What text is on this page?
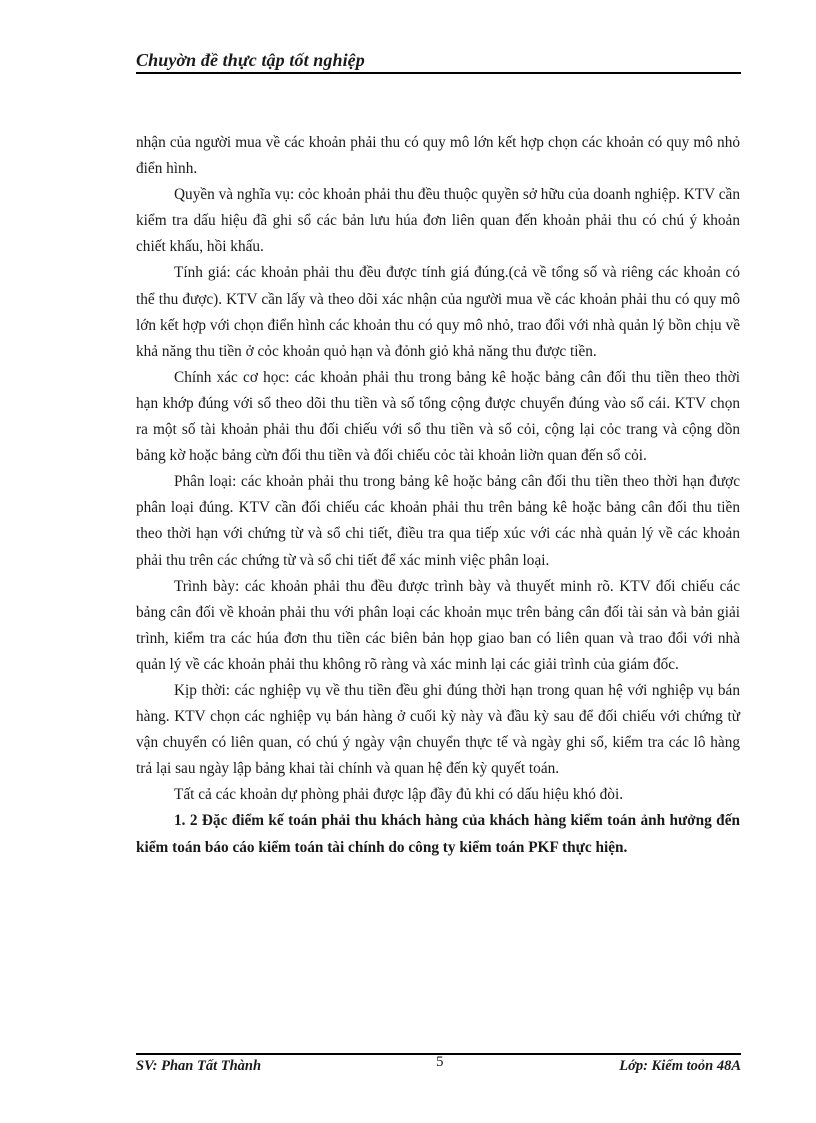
Chuyờn đề thực tập tốt nghiệp

nhận của người mua về các khoản phải thu có quy mô lớn kết hợp chọn các khoản có quy mô nhỏ điển hình.

Quyền và nghĩa vụ: cỏc khoản phải thu đều thuộc quyền sở hữu của doanh nghiệp. KTV cần kiểm tra dấu hiệu đã ghi sổ các bản lưu húa đơn liên quan đến khoản phải thu có chú ý khoản chiết khấu, hồi khấu.

Tính giá: các khoản phải thu đều được tính giá đúng.(cả về tổng số và riêng các khoản có thể thu được). KTV cần lấy và theo dõi xác nhận của người mua về các khoản phải thu có quy mô lớn kết hợp với chọn điển hình các khoản thu có quy mô nhỏ, trao đổi với nhà quản lý bồn chịu về khả năng thu tiền ở cỏc khoản quỏ hạn và đỏnh giỏ khả năng thu được tiền.

Chính xác cơ học: các khoản phải thu trong bảng kê hoặc bảng cân đối thu tiền theo thời hạn khớp đúng với sổ theo dõi thu tiền và số tổng cộng được chuyển đúng vào sổ cái. KTV chọn ra một số tài khoản phải thu đối chiếu với sổ thu tiền và sổ cỏi, cộng lại cỏc trang và cộng dồn bảng kờ hoặc bảng cừn đối thu tiền và đối chiếu cỏc tài khoản liờn quan đến sổ cỏi.

Phân loại: các khoản phải thu trong bảng kê hoặc bảng cân đối thu tiền theo thời hạn được phân loại đúng. KTV cần đối chiếu các khoản phải thu trên bảng kê hoặc bảng cân đối thu tiền theo thời hạn với chứng từ và sổ chi tiết, điều tra qua tiếp xúc với các nhà quản lý về các khoản phải thu trên các chứng từ và sổ chi tiết để xác minh việc phân loại.

Trình bày: các khoản phải thu đều được trình bày và thuyết minh rõ. KTV đối chiếu các bảng cân đối về khoản phải thu với phân loại các khoản mục trên bảng cân đối tài sản và bản giải trình, kiểm tra các húa đơn thu tiền các biên bản họp giao ban có liên quan và trao đổi với nhà quản lý về các khoản phải thu không rõ ràng và xác minh lại các giải trình của giám đốc.

Kịp thời: các nghiệp vụ về thu tiền đều ghi đúng thời hạn trong quan hệ với nghiệp vụ bán hàng. KTV chọn các nghiệp vụ bán hàng ở cuối kỳ này và đầu kỳ sau để đối chiếu với chứng từ vận chuyển có liên quan, có chú ý ngày vận chuyển thực tế và ngày ghi sổ, kiểm tra các lô hàng trả lại sau ngày lập bảng khai tài chính và quan hệ đến kỳ quyết toán.

Tất cả các khoản dự phòng phải được lập đầy đủ khi có dấu hiệu khó đòi.

1. 2 Đặc điểm kế toán phải thu khách hàng của khách hàng kiểm toán ảnh hưởng đến kiểm toán báo cáo kiểm toán tài chính do công ty kiểm toán PKF thực hiện.

SV: Phan Tất Thành	5	Lớp: Kiểm toỏn 48A
